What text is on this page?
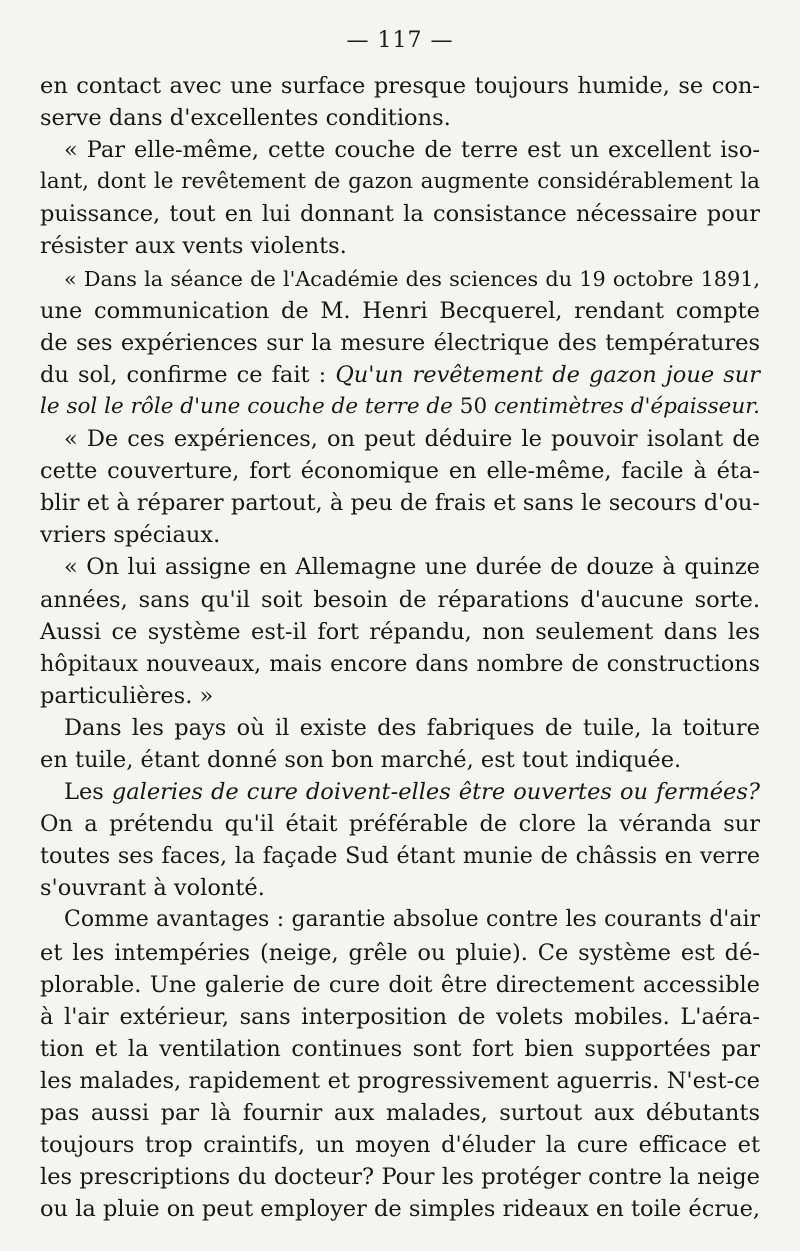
— 117 —
en contact avec une surface presque toujours humide, se con-
serve dans d'excellentes conditions.
« Par elle-même, cette couche de terre est un excellent iso-
lant, dont le revêtement de gazon augmente considérablement la
puissance, tout en lui donnant la consistance nécessaire pour
résister aux vents violents.
« Dans la séance de l'Académie des sciences du 19 octobre 1891,
une communication de M. Henri Becquerel, rendant compte
de ses expériences sur la mesure électrique des températures
du sol, confirme ce fait : Qu'un revêtement de gazon joue sur
le sol le rôle d'une couche de terre de 50 centimètres d'épaisseur.
« De ces expériences, on peut déduire le pouvoir isolant de
cette couverture, fort économique en elle-même, facile à éta-
blir et à réparer partout, à peu de frais et sans le secours d'ou-
vriers spéciaux.
« On lui assigne en Allemagne une durée de douze à quinze
années, sans qu'il soit besoin de réparations d'aucune sorte.
Aussi ce système est-il fort répandu, non seulement dans les
hôpitaux nouveaux, mais encore dans nombre de constructions
particulières. »
Dans les pays où il existe des fabriques de tuile, la toiture
en tuile, étant donné son bon marché, est tout indiquée.
Les galeries de cure doivent-elles être ouvertes ou fermées?
On a prétendu qu'il était préférable de clore la véranda sur
toutes ses faces, la façade Sud étant munie de châssis en verre
s'ouvrant à volonté.
Comme avantages : garantie absolue contre les courants d'air
et les intempéries (neige, grêle ou pluie). Ce système est dé-
plorable. Une galerie de cure doit être directement accessible
à l'air extérieur, sans interposition de volets mobiles. L'aéra-
tion et la ventilation continues sont fort bien supportées par
les malades, rapidement et progressivement aguerris. N'est-ce
pas aussi par là fournir aux malades, surtout aux débutants
toujours trop craintifs, un moyen d'éluder la cure efficace et
les prescriptions du docteur? Pour les protéger contre la neige
ou la pluie on peut employer de simples rideaux en toile écrue,
